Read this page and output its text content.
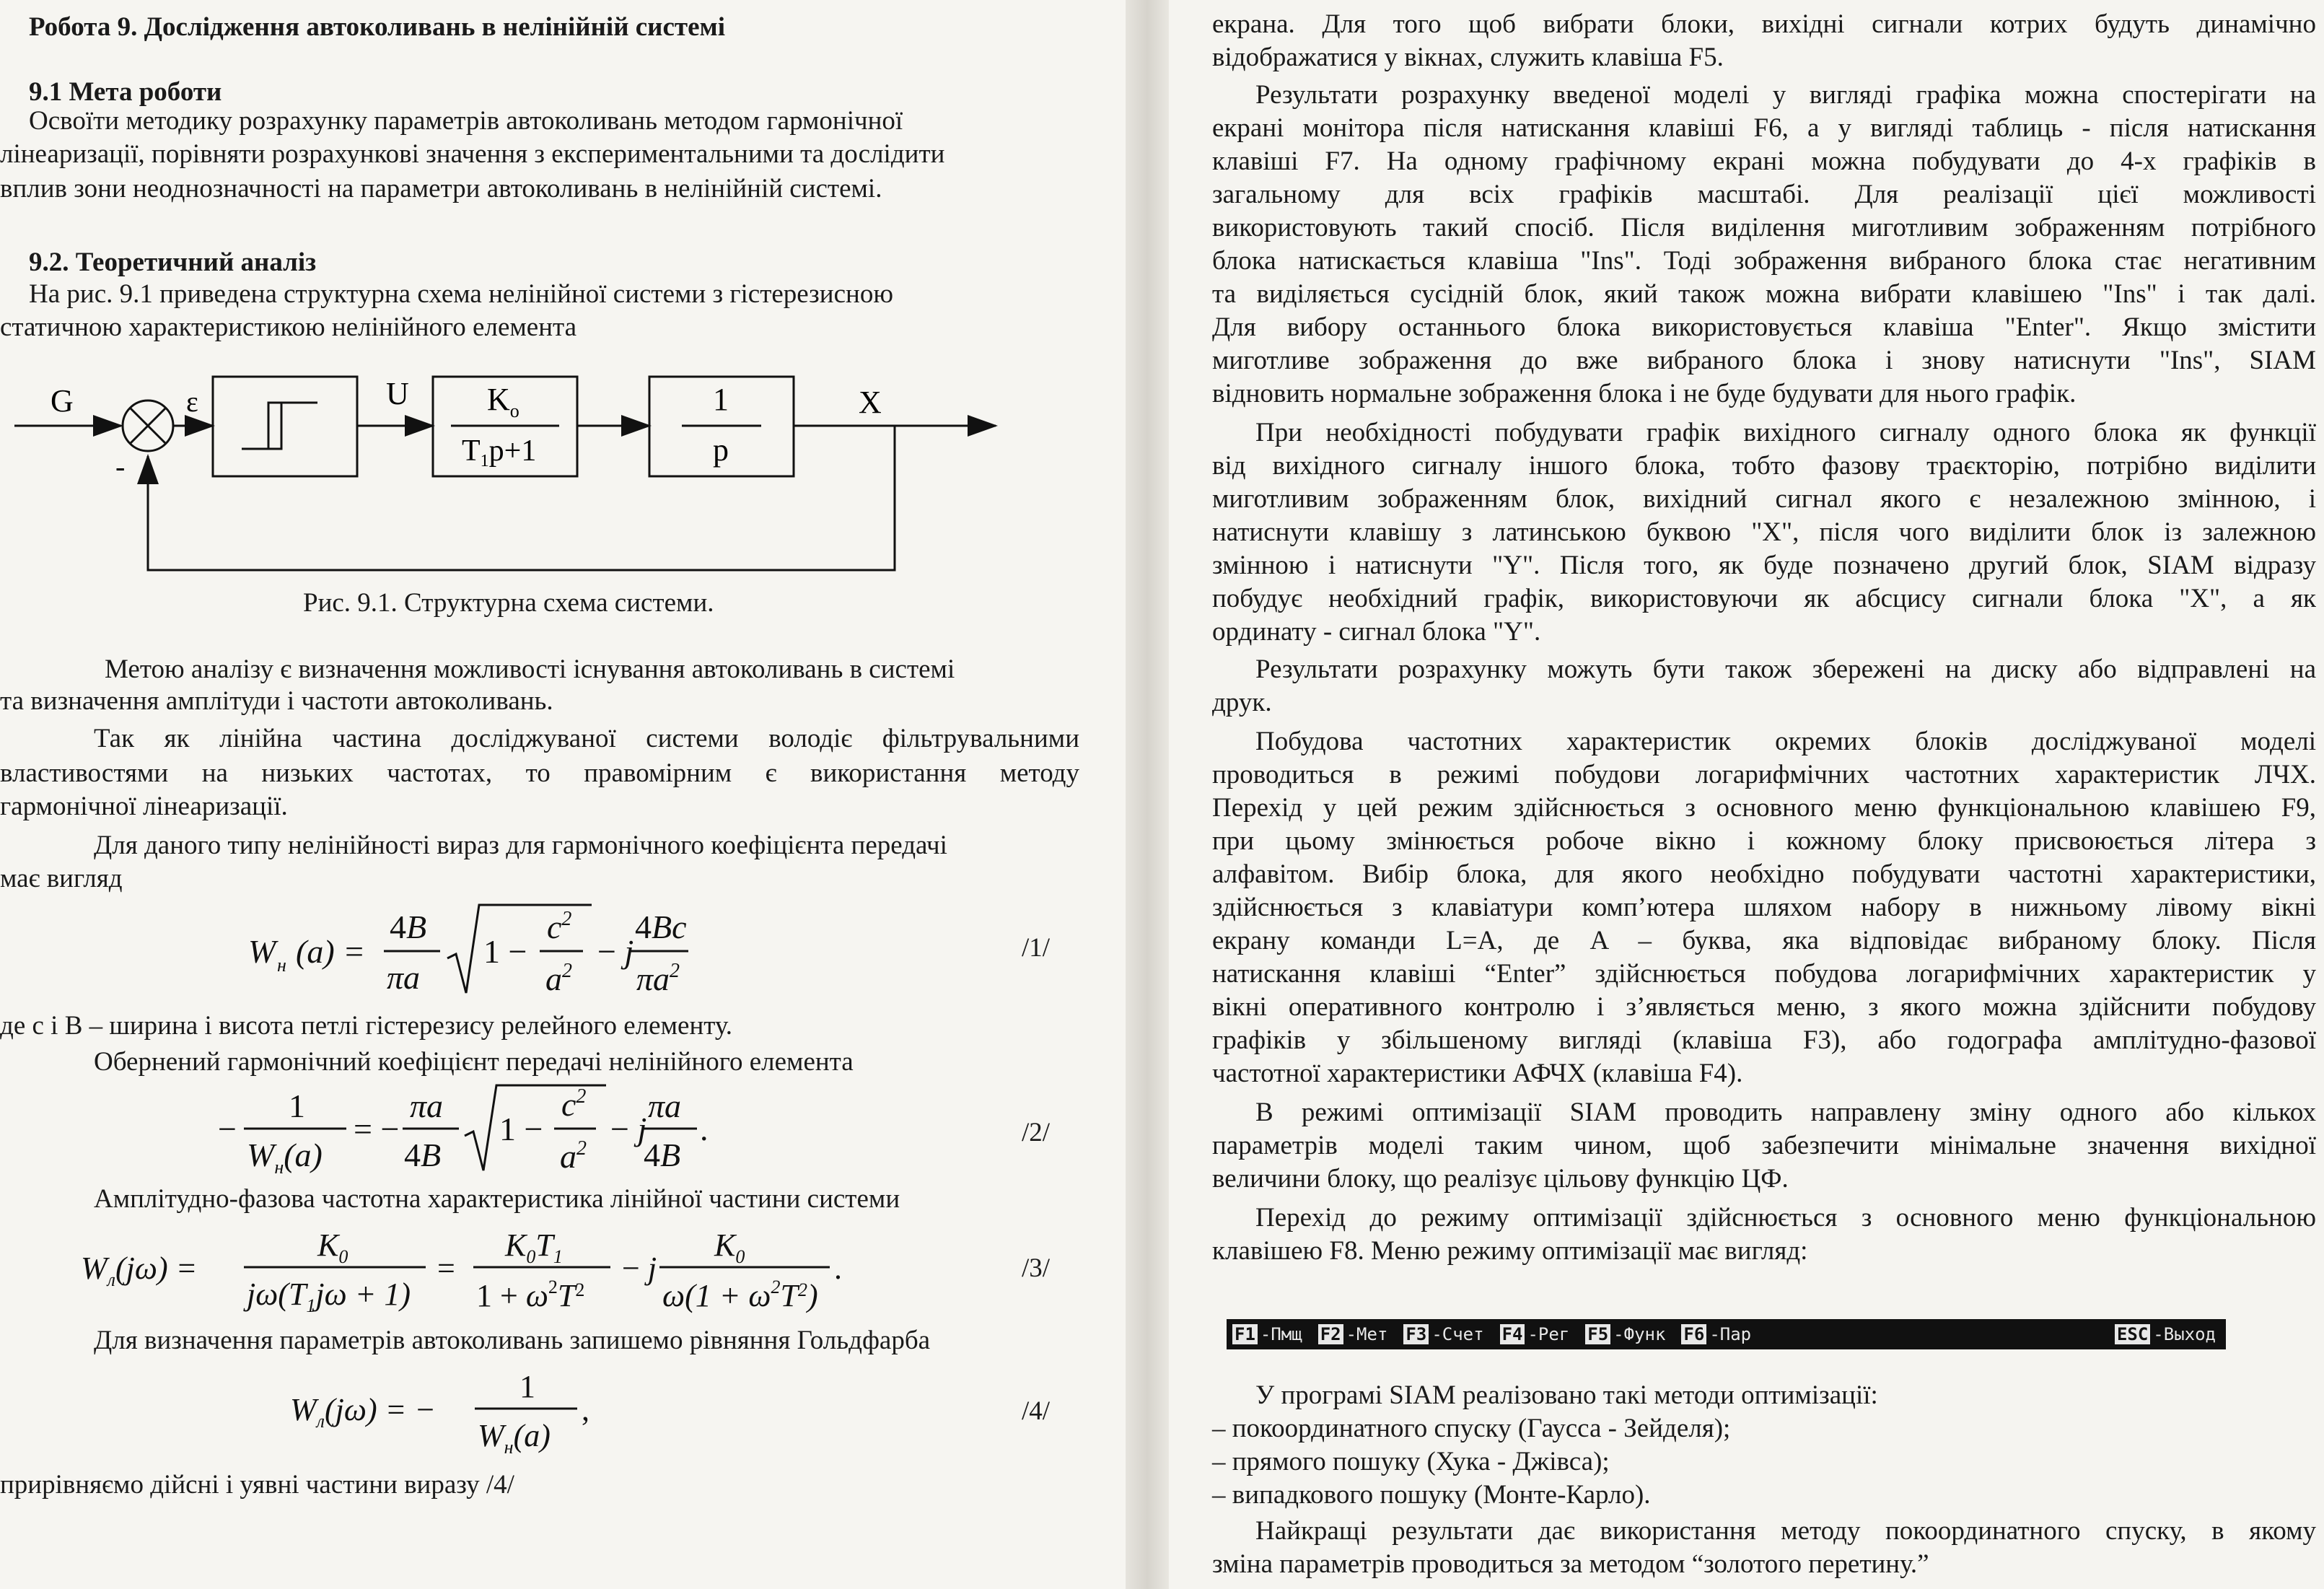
Робота 9. Дослідження автоколивань в нелінійній системі
9.1 Мета роботи
Освоїти методику розрахунку параметрів автоколивань методом гармонічної
лінеаризації, порівняти розрахункові значення з експериментальними та дослідити
вплив зони неоднозначності на параметри автоколивань в нелінійній системі.
9.2. Теоретичний аналіз
На рис. 9.1 приведена структурна схема нелінійної системи з гістерезисною
статичною характеристикою нелінійного елемента
G	ε
-
U $K_o$
T1p+1
1
p
X
Рис. 9.1. Структурна схема системи.
Метою аналізу є визначення можливості існування автоколивань в системі
та визначення амплітуди і частоти автоколивань.
Так як лінійна частина досліджуваної системи володіє фільтрувальними
властивостями на низьких частотах, то правомірним є використання методу
гармонічної лінеаризації.
Для даного типу нелінійності вираз для гармонічного коефіцієнта передачі
має вигляд
W н (a) =
4B
πa
1 −
$c^2$
$a^2$
− j
4Bc
$\pi a^2$
/1/
де c і B – ширина і висота петлі гістерезису релейного елементу.
Обернений гармонічний коефіцієнт передачі нелінійного елемента
−
1
$W_н(a)$
= −
πa
4B
1 −
$c^2$
$a^2$
− j
πa
4B
.	/2/
Амплітудно-фазова частотна характеристика лінійної частини системи
$W_л(j\omega)$ =
$K_0$
$j\omega(T_1j\omega + 1)$
=
$K_0T_1$
$1 + \omega^2T^2$
− j
$K_0$
$\omega(1 + \omega^2T^2)$
.	/3/
Для визначення параметрів автоколивань запишемо рівняння Гольдфарба
$W_л(j\omega)$ = −
1
$W_н(a)$
,	/4/
прирівняємо дійсні і уявні частини виразу /4/
екрана. Для того щоб вибрати блоки, вихідні сигнали котрих будуть динамічно
відображатися у вікнах, служить клавіша F5.
Результати розрахунку введеної моделі у вигляді графіка можна спостерігати на
екрані монітора після натискання клавіші F6, а у вигляді таблиць - після натискання
клавіші F7. На одному графічному екрані можна побудувати до 4-х графіків в
загальному для всіх графіків масштабі. Для реалізації цієї можливості
використовують такий спосіб. Після виділення миготливим зображенням потрібного
блока натискається клавіша "Ins". Тоді зображення вибраного блока стає негативним
та виділяється сусідній блок, який також можна вибрати клавішею "Ins" і так далі.
Для вибору останнього блока використовується клавіша "Enter". Якщо змістити
миготливе зображення до вже вибраного блока і знову натиснути "Ins", SIAM
відновить нормальне зображення блока і не буде будувати для нього графік.
При необхідності побудувати графік вихідного сигналу одного блока як функції
від вихідного сигналу іншого блока, тобто фазову траєкторію, потрібно виділити
миготливим зображенням блок, вихідний сигнал якого є незалежною змінною, і
натиснути клавішу з латинською буквою "X", після чого виділити блок із залежною
змінною і натиснути "Y". Після того, як буде позначено другий блок, SIAM відразу
побудує необхідний графік, використовуючи як абсцису сигнали блока "X", а як
ординату - сигнал блока "Y".
Результати розрахунку можуть бути також збережені на диску або відправлені на
друк.
Побудова частотних характеристик окремих блоків досліджуваної моделі
проводиться в режимі побудови логарифмічних частотних характеристик ЛЧХ.
Перехід у цей режим здійснюється з основного меню функціональною клавішею F9,
при цьому змінюється робоче вікно і кожному блоку присвоюється літера з
алфавітом. Вибір блока, для якого необхідно побудувати частотні характеристики,
здійснюється з клавіатури комп’ютера шляхом набору в нижньому лівому вікні
екрану команди L=A, де A – буква, яка відповідає вибраному блоку. Після
натискання клавіші “Enter” здійснюється побудова логарифмічних характеристик у
вікні оперативного контролю і з’являється меню, з якого можна здійснити побудову
графіків у збільшеному вигляді (клавіша F3), або годографа амплітудно-фазової
частотної характеристики АФЧХ (клавіша F4).
В режимі оптимізації SIAM проводить направлену зміну одного або кількох
параметрів моделі таким чином, щоб забезпечити мінімальне значення вихідної
величини блоку, що реалізує цільову функцію ЦФ.
Перехід до режиму оптимізації здійснюється з основного меню функціональною
клавішею F8. Меню режиму оптимізації має вигляд:
F1 -Пмщ F2 -Мет F3 -Счет F4 -Рег F5 -Функ F6 -Пар	ESC -Выход
У програмі SIAM реалізовано такі методи оптимізації:
– покоординатного спуску (Гаусса - Зейделя);
– прямого пошуку (Хука - Джівса);
– випадкового пошуку (Монте-Карло).
Найкращі результати дає використання методу покоординатного спуску, в якому
зміна параметрів проводиться за методом “золотого перетину.”
